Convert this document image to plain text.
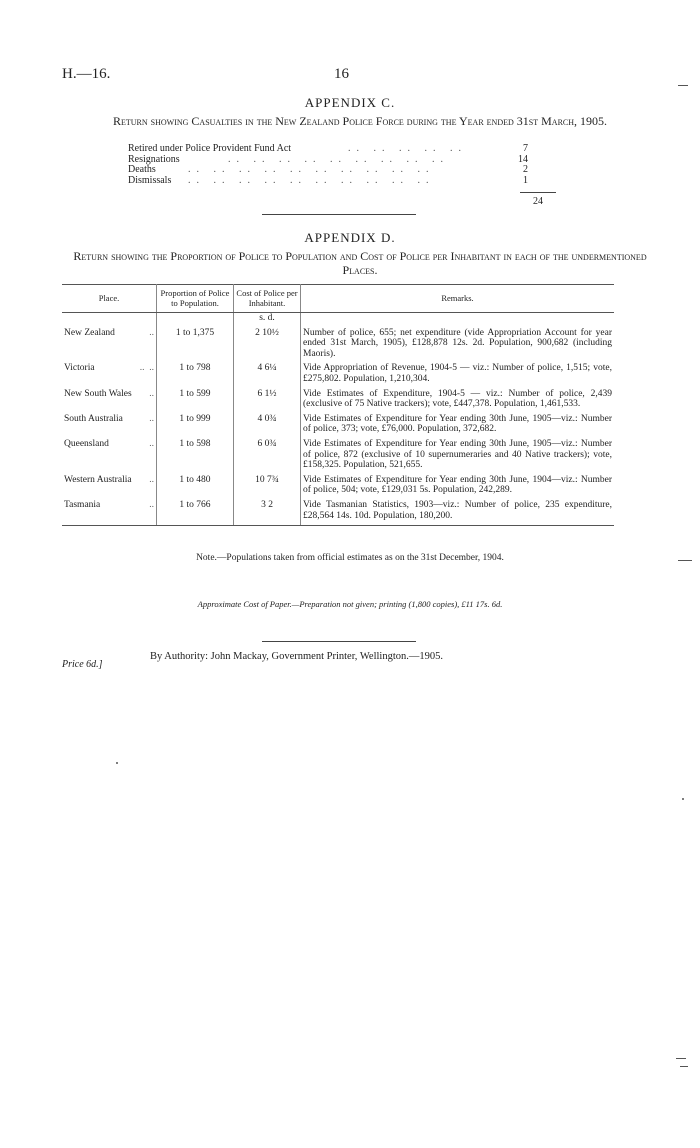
H.—16.	16
APPENDIX C.
Return showing Casualties in the New Zealand Police Force during the Year ended 31st March, 1905.
Retired under Police Provident Fund Act	.. .. .. .. ..	7
Resignations	.. .. .. .. .. .. .. .. ..	14
Deaths	.. .. .. .. .. .. .. .. .. ..	2
Dismissals .. .. .. .. .. .. .. .. .. ..	1
24
APPENDIX D.
Return showing the Proportion of Police to Population and Cost of Police per Inhabitant in each of the undermentioned Places.
Place.	Proportion of Police to Population.	Cost of Police per Inhabitant.	Remarks.
		s. d.	

New Zealand ..	1 to 1,375	2 10½	Number of police, 655; net expenditure (vide Appropriation Account for year ended 31st March, 1905), £128,878 12s. 2d. Population, 900,682 (including Maoris).

Victoria ..  ..	1 to 798	4 6¼	Vide Appropriation of Revenue, 1904-5 — viz.: Number of police, 1,515; vote, £275,802. Population, 1,210,304.

New South Wales ..	1 to 599	6 1½	Vide Estimates of Expenditure, 1904-5 — viz.: Number of police, 2,439 (exclusive of 75 Native trackers); vote, £447,378. Population, 1,461,533.

South Australia ..	1 to 999	4 0¾	Vide Estimates of Expenditure for Year ending 30th June, 1905—viz.: Number of police, 373; vote, £76,000. Population, 372,682.

Queensland ..	1 to 598	6 0¾	Vide Estimates of Expenditure for Year ending 30th June, 1905—viz.: Number of police, 872 (exclusive of 10 supernumeraries and 40 Native trackers); vote, £158,325. Population, 521,655.

Western Australia ..	1 to 480	10 7¾	Vide Estimates of Expenditure for Year ending 30th June, 1904—viz.: Number of police, 504; vote, £129,031 5s. Population, 242,289.

Tasmania ..	1 to 766	3 2	Vide Tasmanian Statistics, 1903—viz.: Number of police, 235 expenditure, £28,564 14s. 10d. Population, 180,200.
Note.—Populations taken from official estimates as on the 31st December, 1904.
Approximate Cost of Paper.—Preparation not given; printing (1,800 copies), £11 17s. 6d.
By Authority: John Mackay, Government Printer, Wellington.—1905.
Price 6d.]
